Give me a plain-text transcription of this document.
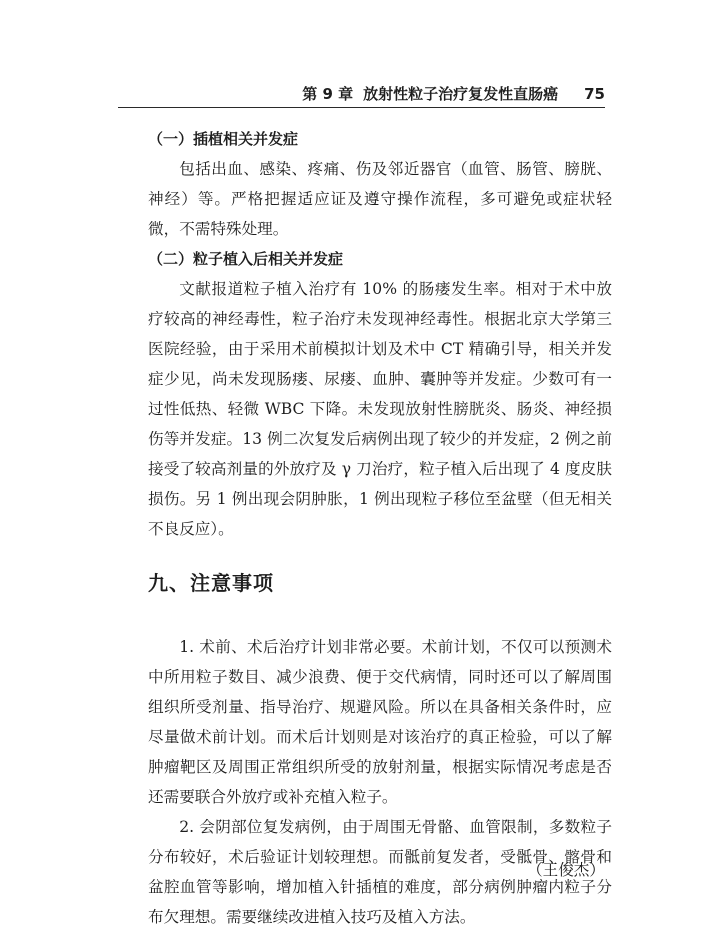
第 9 章 放射性粒子治疗复发性直肠癌 75

（一）插植相关并发症

包括出血、感染、疼痛、伤及邻近器官（血管、肠管、膀胱、神经）等。严格把握适应证及遵守操作流程，多可避免或症状轻微，不需特殊处理。

（二）粒子植入后相关并发症

文献报道粒子植入治疗有 10% 的肠瘘发生率。相对于术中放疗较高的神经毒性，粒子治疗未发现神经毒性。根据北京大学第三医院经验，由于采用术前模拟计划及术中 CT 精确引导，相关并发症少见，尚未发现肠瘘、尿瘘、血肿、囊肿等并发症。少数可有一过性低热、轻微 WBC 下降。未发现放射性膀胱炎、肠炎、神经损伤等并发症。13 例二次复发后病例出现了较少的并发症，2 例之前接受了较高剂量的外放疗及 γ 刀治疗，粒子植入后出现了 4 度皮肤损伤。另 1 例出现会阴肿胀，1 例出现粒子移位至盆壁（但无相关不良反应）。

九、注意事项

1. 术前、术后治疗计划非常必要。术前计划，不仅可以预测术中所用粒子数目、减少浪费、便于交代病情，同时还可以了解周围组织所受剂量、指导治疗、规避风险。所以在具备相关条件时，应尽量做术前计划。而术后计划则是对该治疗的真正检验，可以了解肿瘤靶区及周围正常组织所受的放射剂量，根据实际情况考虑是否还需要联合外放疗或补充植入粒子。

2. 会阴部位复发病例，由于周围无骨骼、血管限制，多数粒子分布较好，术后验证计划较理想。而骶前复发者，受骶骨、髂骨和盆腔血管等影响，增加植入针插植的难度，部分病例肿瘤内粒子分布欠理想。需要继续改进植入技巧及植入方法。

（王俊杰）
